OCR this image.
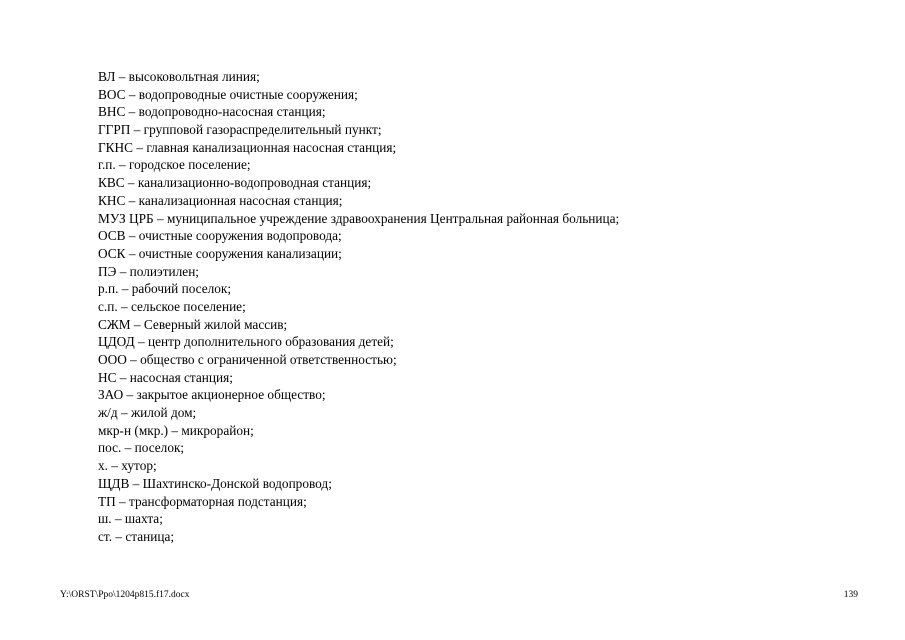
ВЛ – высоковольтная линия;
ВОС – водопроводные очистные сооружения;
ВНС – водопроводно-насосная станция;
ГГРП – групповой газораспределительный пункт;
ГКНС – главная канализационная насосная станция;
г.п. – городское поселение;
КВС – канализационно-водопроводная станция;
КНС – канализационная насосная станция;
МУЗ ЦРБ – муниципальное учреждение здравоохранения Центральная районная больница;
ОСВ – очистные сооружения водопровода;
ОСК – очистные сооружения канализации;
ПЭ – полиэтилен;
р.п. – рабочий поселок;
с.п. – сельское поселение;
СЖМ – Северный жилой массив;
ЦДОД – центр дополнительного образования детей;
ООО – общество с ограниченной ответственностью;
НС – насосная станция;
ЗАО – закрытое акционерное общество;
ж/д – жилой дом;
мкр-н (мкр.) – микрорайон;
пос. – поселок;
х. – хутор;
ЩДВ – Шахтинско-Донской водопровод;
ТП – трансформаторная подстанция;
ш. – шахта;
ст. – станица;
Y:\ORST\Ppo\1204p815.f17.docx	139
